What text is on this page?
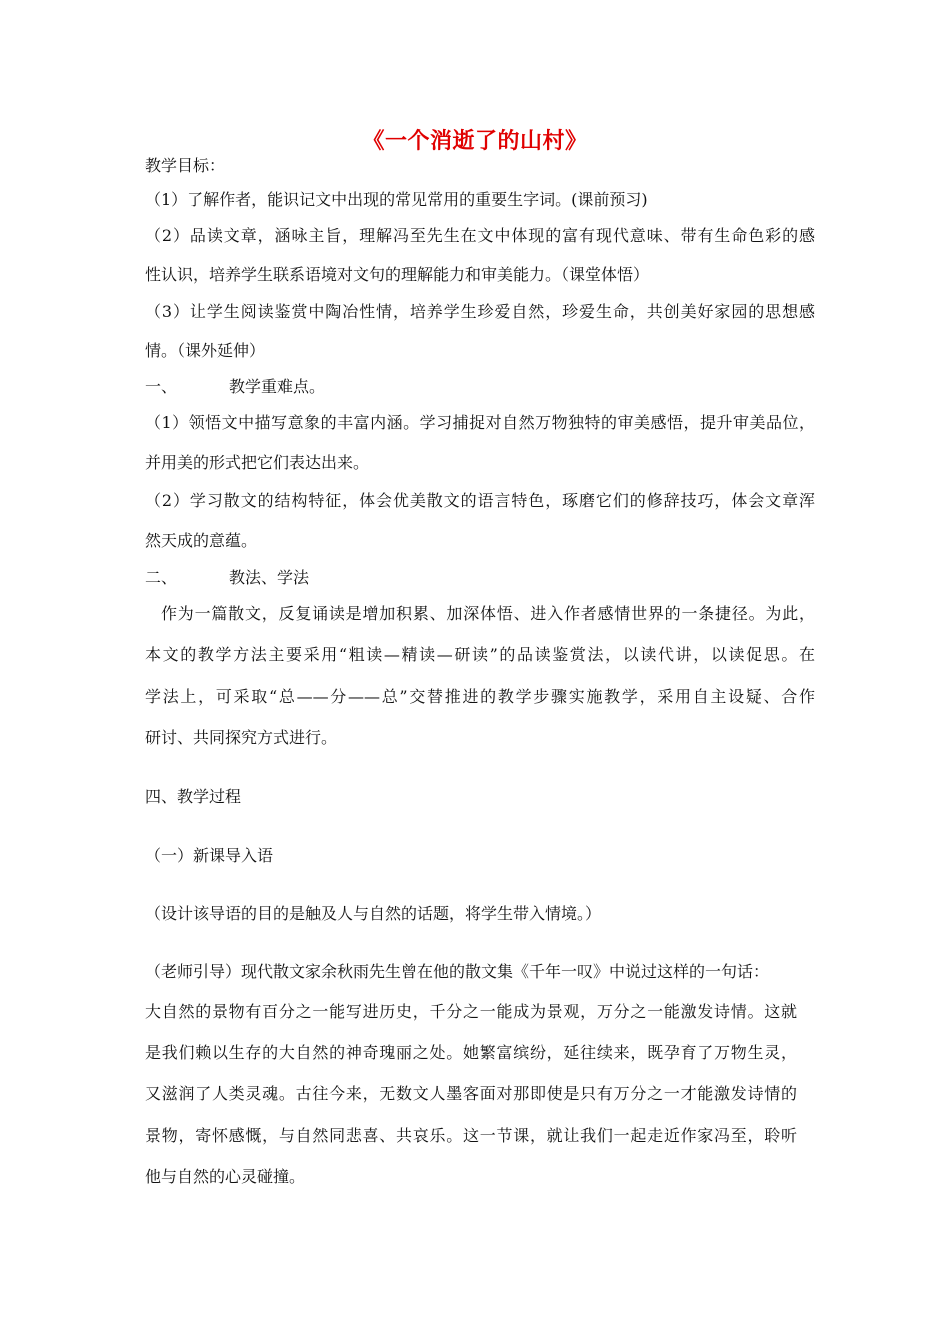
《一个消逝了的山村》
教学目标：
（1）了解作者，能识记文中出现的常见常用的重要生字词。(课前预习)
（2）品读文章，涵咏主旨，理解冯至先生在文中体现的富有现代意味、带有生命色彩的感
性认识，培养学生联系语境对文句的理解能力和审美能力。（课堂体悟）
（3）让学生阅读鉴赏中陶冶性情，培养学生珍爱自然，珍爱生命，共创美好家园的思想感
情。（课外延伸）
一、	教学重难点。
（1）领悟文中描写意象的丰富内涵。学习捕捉对自然万物独特的审美感悟，提升审美品位，
并用美的形式把它们表达出来。
（2）学习散文的结构特征，体会优美散文的语言特色，琢磨它们的修辞技巧，体会文章浑
然天成的意蕴。
二、	教法、学法
作为一篇散文，反复诵读是增加积累、加深体悟、进入作者感情世界的一条捷径。为此，
本文的教学方法主要采用“粗读—精读—研读”的品读鉴赏法，以读代讲，以读促思。在
学法上，可采取“总——分——总”交替推进的教学步骤实施教学，采用自主设疑、合作
研讨、共同探究方式进行。
四、教学过程
（一）新课导入语
（设计该导语的目的是触及人与自然的话题，将学生带入情境。）
（老师引导）现代散文家余秋雨先生曾在他的散文集《千年一叹》中说过这样的一句话：
大自然的景物有百分之一能写进历史，千分之一能成为景观，万分之一能激发诗情。这就
是我们赖以生存的大自然的神奇瑰丽之处。她繁富缤纷，延往续来，既孕育了万物生灵，
又滋润了人类灵魂。古往今来，无数文人墨客面对那即使是只有万分之一才能激发诗情的
景物，寄怀感慨，与自然同悲喜、共哀乐。这一节课，就让我们一起走近作家冯至，聆听
他与自然的心灵碰撞。
